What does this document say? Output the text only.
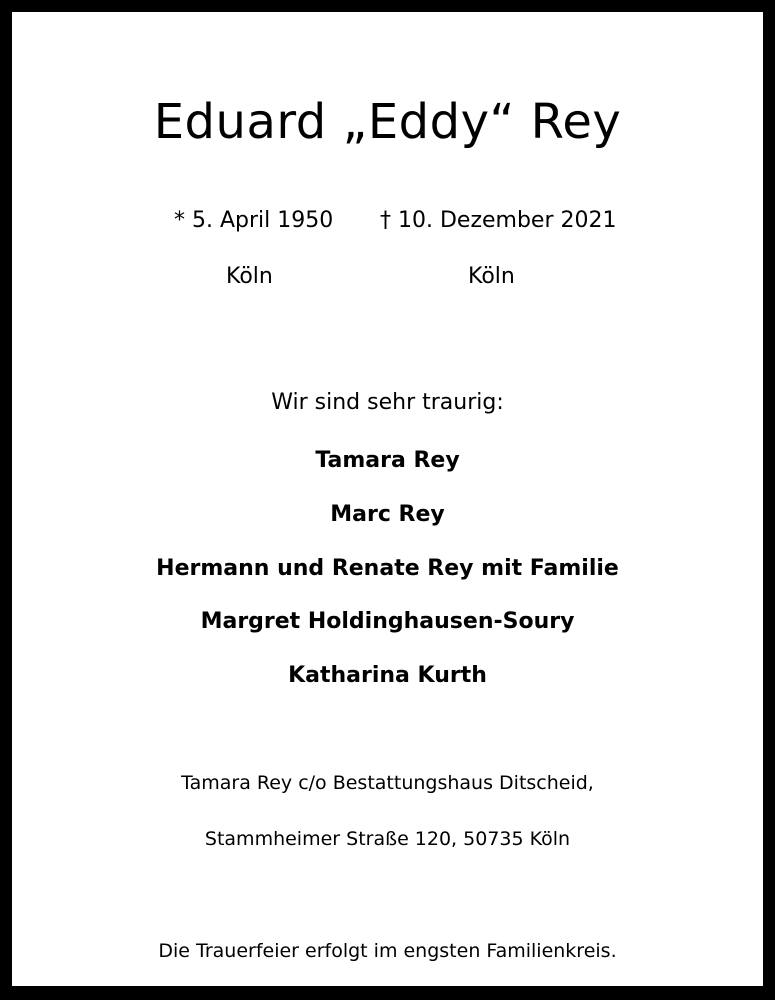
Eduard „Eddy“ Rey
* 5. April 1950 † 10. Dezember 2021
Köln	Köln
Wir sind sehr traurig:
Tamara Rey
Marc Rey
Hermann und Renate Rey mit Familie
Margret Holdinghausen-Soury
Katharina Kurth
Tamara Rey c/o Bestattungshaus Ditscheid,
Stammheimer Straße 120, 50735 Köln
Die Trauerfeier erfolgt im engsten Familienkreis.
